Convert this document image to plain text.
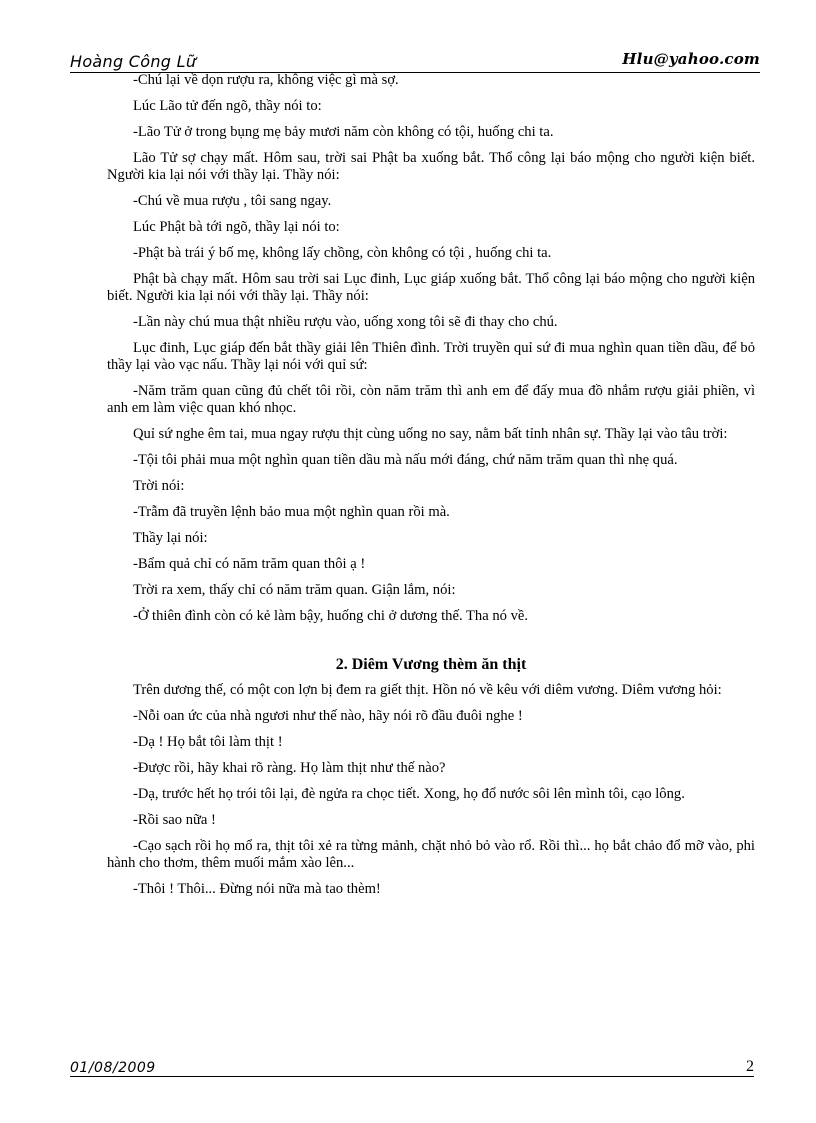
Hoàng Công Lữ	Hlu@yahoo.com

-Chú lại về dọn rượu ra, không việc gì mà sợ.

Lúc Lão tử đến ngõ, thầy nói to:

-Lão Tử ở trong bụng mẹ bảy mươi năm còn không có tội, huống chi ta.

Lão Tử sợ chạy mất. Hôm sau, trời sai Phật ba xuống bắt. Thổ công lại báo mộng cho người kiện biết. Người kia lại nói với thầy lại. Thầy nói:

-Chú về mua rượu , tôi sang ngay.

Lúc Phật bà tới ngõ, thầy lại nói to:

-Phật bà trái ý bố mẹ, không lấy chồng, còn không có tội , huống chi ta.

Phật bà chạy mất. Hôm sau trời sai Lục đinh, Lục giáp xuống bắt. Thổ công lại báo mộng cho người kiện biết. Người kia lại nói với thầy lại. Thầy nói:

-Lần này chú mua thật nhiều rượu vào, uống xong tôi sẽ đi thay cho chú.

Lục đinh, Lục giáp đến bắt thầy giải lên Thiên đình. Trời truyền quỉ sứ đi mua nghìn quan tiền dầu, để bỏ thầy lại vào vạc nấu. Thầy lại nói với quỉ sứ:

-Năm trăm quan cũng đủ chết tôi rồi, còn năm trăm thì anh em để đấy mua đồ nhắm rượu giải phiền, vì anh em làm việc quan khó nhọc.

Quỉ sứ nghe êm tai, mua ngay rượu thịt cùng uống no say, nằm bất tỉnh nhân sự. Thầy lại vào tâu trời:

-Tội tôi phải mua một nghìn quan tiền dầu mà nấu mới đáng, chứ năm trăm quan thì nhẹ quá.

Trời nói:

-Trẫm đã truyền lệnh bảo mua một nghìn quan rồi mà.

Thầy lại nói:

-Bẩm quả chỉ có năm trăm quan thôi ạ !

Trời ra xem, thấy chỉ có năm trăm quan. Giận lắm, nói:

-Ở thiên đình còn có kẻ làm bậy, huống chi ở dương thế. Tha nó về.

2. Diêm Vương thèm ăn thịt

Trên dương thế, có một con lợn bị đem ra giết thịt. Hồn nó về kêu với diêm vương. Diêm vương hỏi:

-Nỗi oan ức của nhà ngươi như thế nào, hãy nói rõ đầu đuôi nghe !

-Dạ ! Họ bắt tôi làm thịt !

-Được rồi, hãy khai rõ ràng. Họ làm thịt như thế nào?

-Dạ, trước hết họ trói tôi lại, đè ngửa ra chọc tiết. Xong, họ đổ nước sôi lên mình tôi, cạo lông.

-Rồi sao nữa !

-Cạo sạch rồi họ mổ ra, thịt tôi xẻ ra từng mảnh, chặt nhỏ bỏ vào rổ. Rồi thì... họ bắt chảo đổ mỡ vào, phi hành cho thơm, thêm muối mắm xào lên...

-Thôi ! Thôi... Đừng nói nữa mà tao thèm!

01/08/2009	2
